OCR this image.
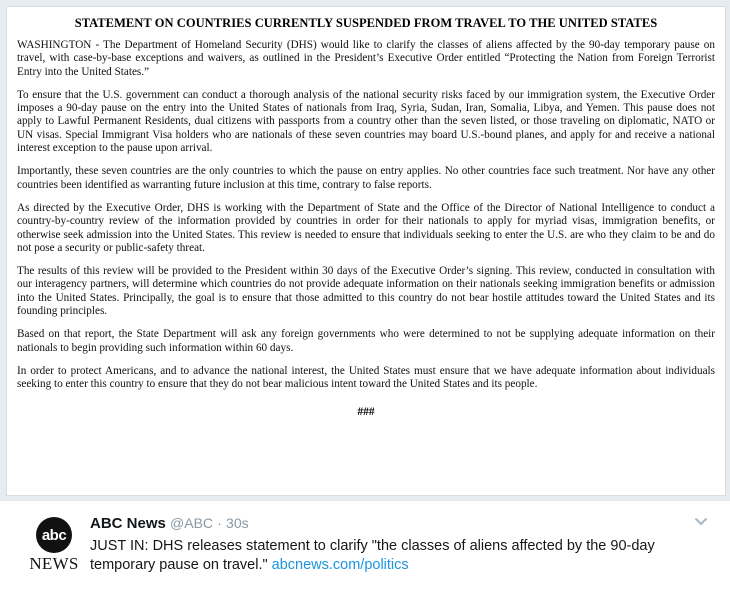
STATEMENT ON COUNTRIES CURRENTLY SUSPENDED FROM TRAVEL TO THE UNITED STATES

WASHINGTON - The Department of Homeland Security (DHS) would like to clarify the classes of aliens affected by the 90-day temporary pause on travel, with case-by-base exceptions and waivers, as outlined in the President’s Executive Order entitled “Protecting the Nation from Foreign Terrorist Entry into the United States.”

To ensure that the U.S. government can conduct a thorough analysis of the national security risks faced by our immigration system, the Executive Order imposes a 90-day pause on the entry into the United States of nationals from Iraq, Syria, Sudan, Iran, Somalia, Libya, and Yemen. This pause does not apply to Lawful Permanent Residents, dual citizens with passports from a country other than the seven listed, or those traveling on diplomatic, NATO or UN visas. Special Immigrant Visa holders who are nationals of these seven countries may board U.S.-bound planes, and apply for and receive a national interest exception to the pause upon arrival.

Importantly, these seven countries are the only countries to which the pause on entry applies. No other countries face such treatment. Nor have any other countries been identified as warranting future inclusion at this time, contrary to false reports.

As directed by the Executive Order, DHS is working with the Department of State and the Office of the Director of National Intelligence to conduct a country-by-country review of the information provided by countries in order for their nationals to apply for myriad visas, immigration benefits, or otherwise seek admission into the United States. This review is needed to ensure that individuals seeking to enter the U.S. are who they claim to be and do not pose a security or public-safety threat.

The results of this review will be provided to the President within 30 days of the Executive Order’s signing. This review, conducted in consultation with our interagency partners, will determine which countries do not provide adequate information on their nationals seeking immigration benefits or admission into the United States. Principally, the goal is to ensure that those admitted to this country do not bear hostile attitudes toward the United States and its founding principles.

Based on that report, the State Department will ask any foreign governments who were determined to not be supplying adequate information on their nationals to begin providing such information within 60 days.

In order to protect Americans, and to advance the national interest, the United States must ensure that we have adequate information about individuals seeking to enter this country to ensure that they do not bear malicious intent toward the United States and its people.

###
abc
NEWS
ABC News @ABC · 30s
JUST IN: DHS releases statement to clarify "the classes of aliens affected by the 90-day temporary pause on travel." abcnews.com/politics
